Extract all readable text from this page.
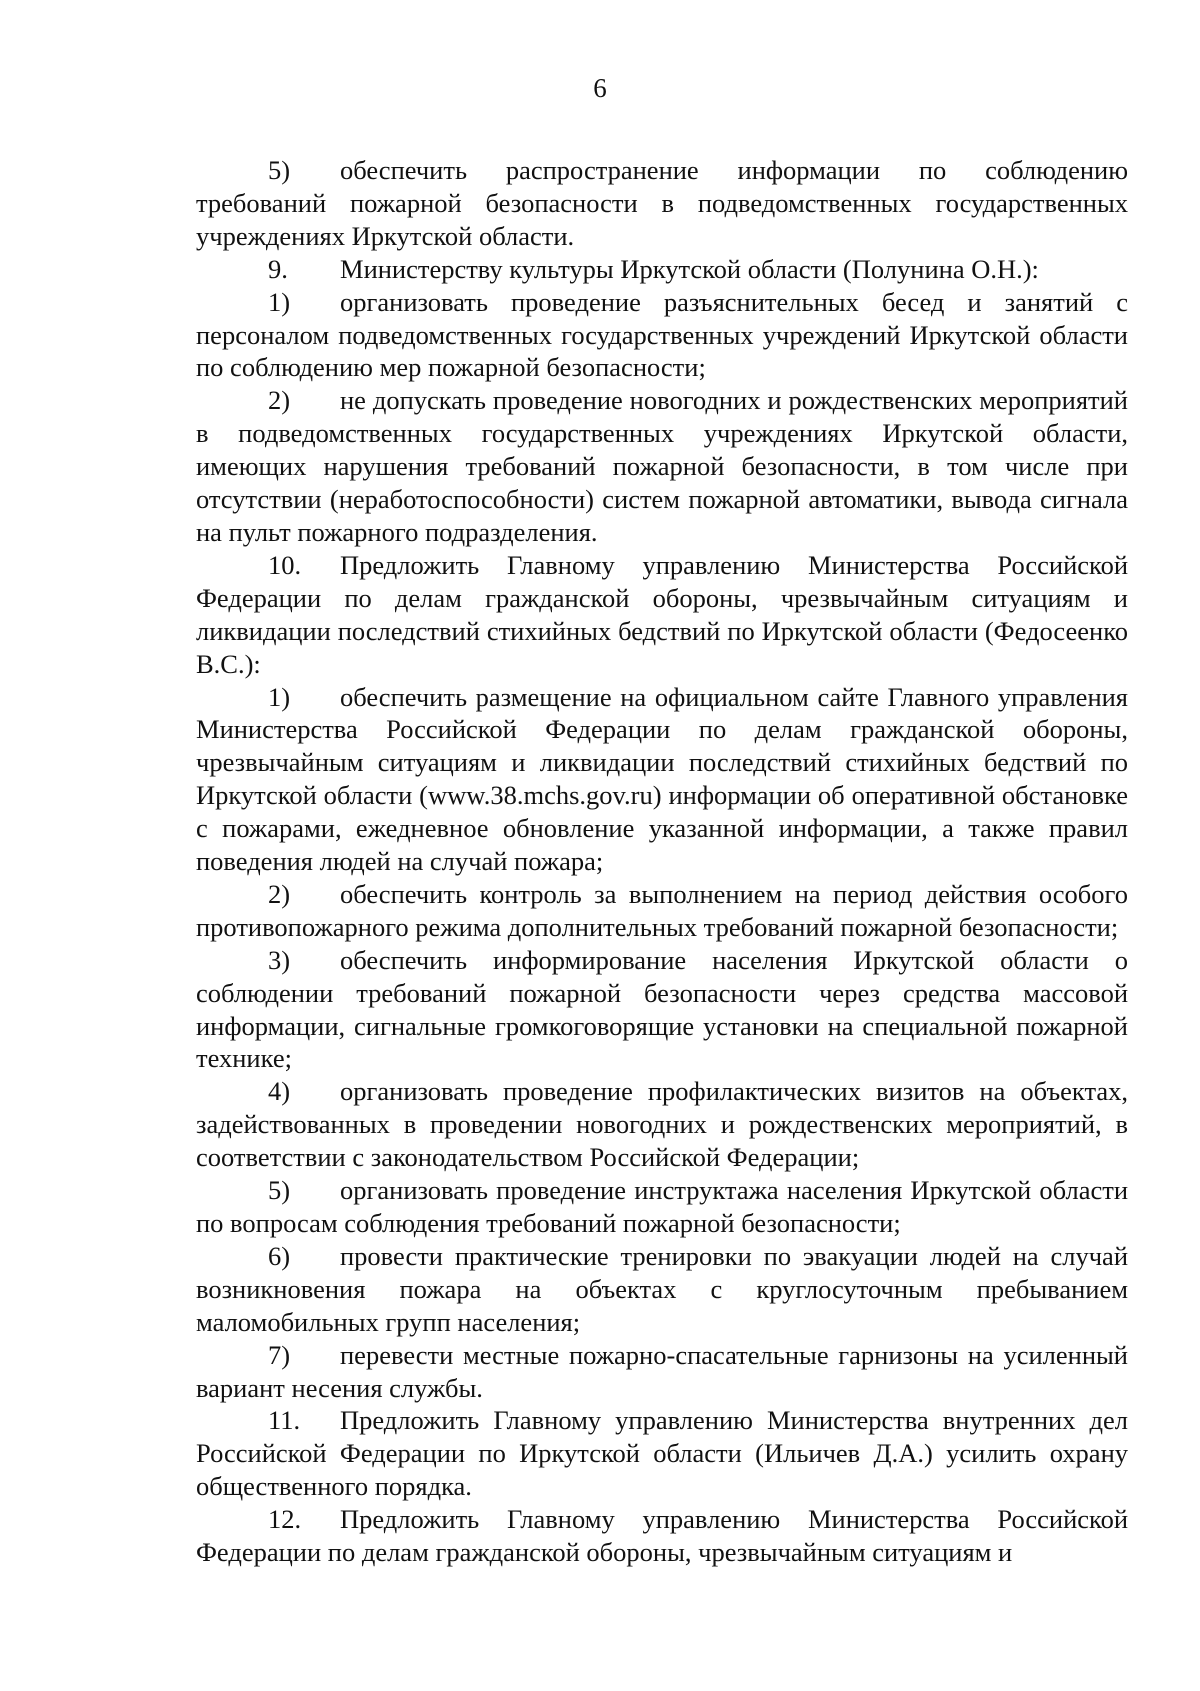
6

5) обеспечить распространение информации по соблюдению требований пожарной безопасности в подведомственных государственных учреждениях Иркутской области.

9. Министерству культуры Иркутской области (Полунина О.Н.):

1) организовать проведение разъяснительных бесед и занятий с персоналом подведомственных государственных учреждений Иркутской области по соблюдению мер пожарной безопасности;

2) не допускать проведение новогодних и рождественских мероприятий в подведомственных государственных учреждениях Иркутской области, имеющих нарушения требований пожарной безопасности, в том числе при отсутствии (неработоспособности) систем пожарной автоматики, вывода сигнала на пульт пожарного подразделения.

10. Предложить Главному управлению Министерства Российской Федерации по делам гражданской обороны, чрезвычайным ситуациям и ликвидации последствий стихийных бедствий по Иркутской области (Федосеенко В.С.):

1) обеспечить размещение на официальном сайте Главного управления Министерства Российской Федерации по делам гражданской обороны, чрезвычайным ситуациям и ликвидации последствий стихийных бедствий по Иркутской области (www.38.mchs.gov.ru) информации об оперативной обстановке с пожарами, ежедневное обновление указанной информации, а также правил поведения людей на случай пожара;

2) обеспечить контроль за выполнением на период действия особого противопожарного режима дополнительных требований пожарной безопасности;

3) обеспечить информирование населения Иркутской области о соблюдении требований пожарной безопасности через средства массовой информации, сигнальные громкоговорящие установки на специальной пожарной технике;

4) организовать проведение профилактических визитов на объектах, задействованных в проведении новогодних и рождественских мероприятий, в соответствии с законодательством Российской Федерации;

5) организовать проведение инструктажа населения Иркутской области по вопросам соблюдения требований пожарной безопасности;

6) провести практические тренировки по эвакуации людей на случай возникновения пожара на объектах с круглосуточным пребыванием маломобильных групп населения;

7) перевести местные пожарно-спасательные гарнизоны на усиленный вариант несения службы.

11. Предложить Главному управлению Министерства внутренних дел Российской Федерации по Иркутской области (Ильичев Д.А.) усилить охрану общественного порядка.

12. Предложить Главному управлению Министерства Российской Федерации по делам гражданской обороны, чрезвычайным ситуациям и
